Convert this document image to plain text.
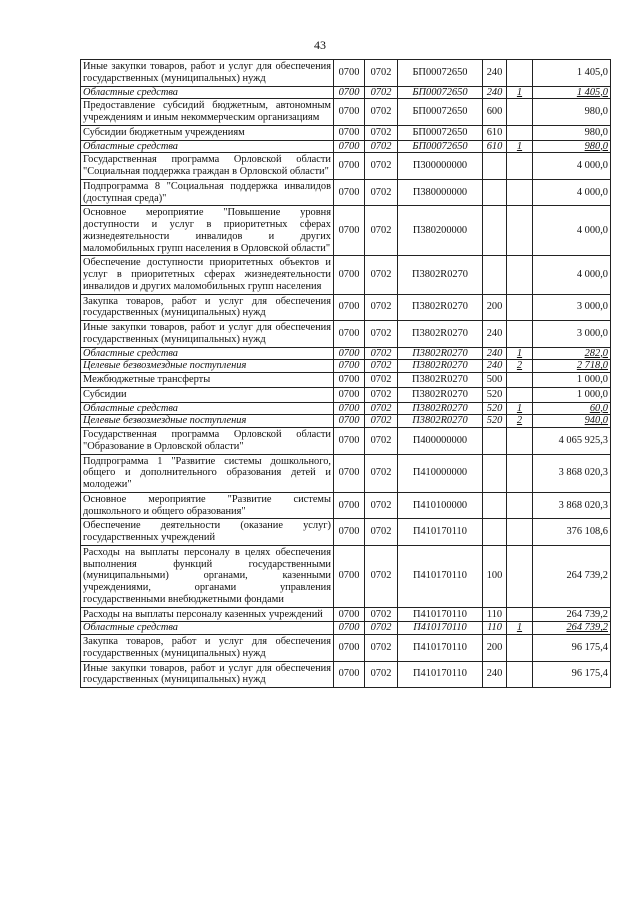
43
Иные закупки товаров, работ и услуг для обеспечения государственных (муниципальных) нужд	0700	0702	БП00072650	240		1 405,0
Областные средства	0700	0702	БП00072650	240	1	1 405,0
Предоставление субсидий бюджетным, автономным учреждениям и иным некоммерческим организациям	0700	0702	БП00072650	600		980,0
Субсидии бюджетным учреждениям	0700	0702	БП00072650	610		980,0
Областные средства	0700	0702	БП00072650	610	1	980,0
Государственная программа Орловской области "Социальная поддержка граждан в Орловской области"	0700	0702	П300000000			4 000,0
Подпрограмма 8 "Социальная поддержка инвалидов (доступная среда)"	0700	0702	П380000000			4 000,0
Основное мероприятие "Повышение уровня доступности и услуг в приоритетных сферах жизнедеятельности инвалидов и других маломобильных групп населения в Орловской области"	0700	0702	П380200000			4 000,0
Обеспечение доступности приоритетных объектов и услуг в приоритетных сферах жизнедеятельности инвалидов и других маломобильных групп населения	0700	0702	П3802R0270			4 000,0
Закупка товаров, работ и услуг для обеспечения государственных (муниципальных) нужд	0700	0702	П3802R0270	200		3 000,0
Иные закупки товаров, работ и услуг для обеспечения государственных (муниципальных) нужд	0700	0702	П3802R0270	240		3 000,0
Областные средства	0700	0702	П3802R0270	240	1	282,0
Целевые безвозмездные поступления	0700	0702	П3802R0270	240	2	2 718,0
Межбюджетные трансферты	0700	0702	П3802R0270	500		1 000,0
Субсидии	0700	0702	П3802R0270	520		1 000,0
Областные средства	0700	0702	П3802R0270	520	1	60,0
Целевые безвозмездные поступления	0700	0702	П3802R0270	520	2	940,0
Государственная программа Орловской области "Образование в Орловской области"	0700	0702	П400000000			4 065 925,3
Подпрограмма 1 "Развитие системы дошкольного, общего и дополнительного образования детей и молодежи"	0700	0702	П410000000			3 868 020,3
Основное мероприятие "Развитие системы дошкольного и общего образования"	0700	0702	П410100000			3 868 020,3
Обеспечение деятельности (оказание услуг) государственных учреждений	0700	0702	П410170110			376 108,6
Расходы на выплаты персоналу в целях обеспечения выполнения функций государственными (муниципальными) органами, казенными учреждениями, органами управления государственными внебюджетными фондами	0700	0702	П410170110	100		264 739,2
Расходы на выплаты персоналу казенных учреждений	0700	0702	П410170110	110		264 739,2
Областные средства	0700	0702	П410170110	110	1	264 739,2
Закупка товаров, работ и услуг для обеспечения государственных (муниципальных) нужд	0700	0702	П410170110	200		96 175,4
Иные закупки товаров, работ и услуг для обеспечения государственных (муниципальных) нужд	0700	0702	П410170110	240		96 175,4
